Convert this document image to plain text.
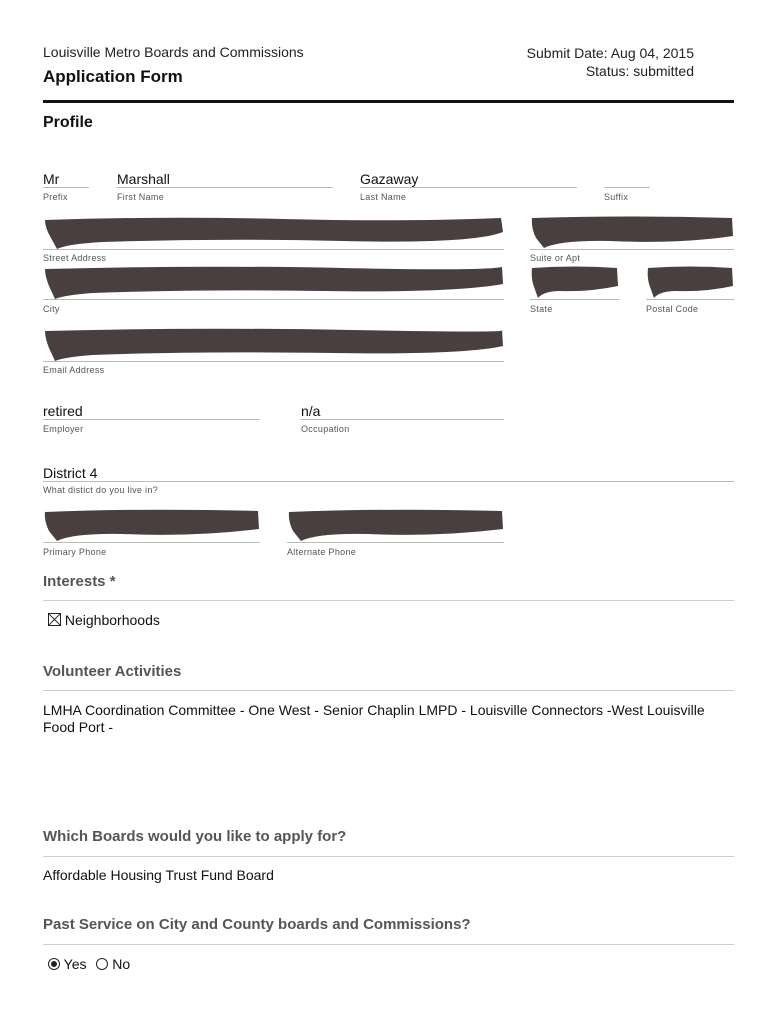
Louisville Metro Boards and Commissions
Application Form
Submit Date: Aug 04, 2015
Status: submitted
Profile
Mr
Prefix
Marshall
First Name
Gazaway
Last Name	Suffix
Street Address	Suite or Apt
City	State	Postal Code
Email Address
retired
Employer
n/a
Occupation
District 4
What distict do you live in?
Primary Phone	Alternate Phone
Interests *
Neighborhoods
Volunteer Activities
LMHA Coordination Committee - One West - Senior Chaplin LMPD - Louisville Connectors -West Louisville Food Port -
Which Boards would you like to apply for?
Affordable Housing Trust Fund Board
Past Service on City and County boards and Commissions?
Yes No
